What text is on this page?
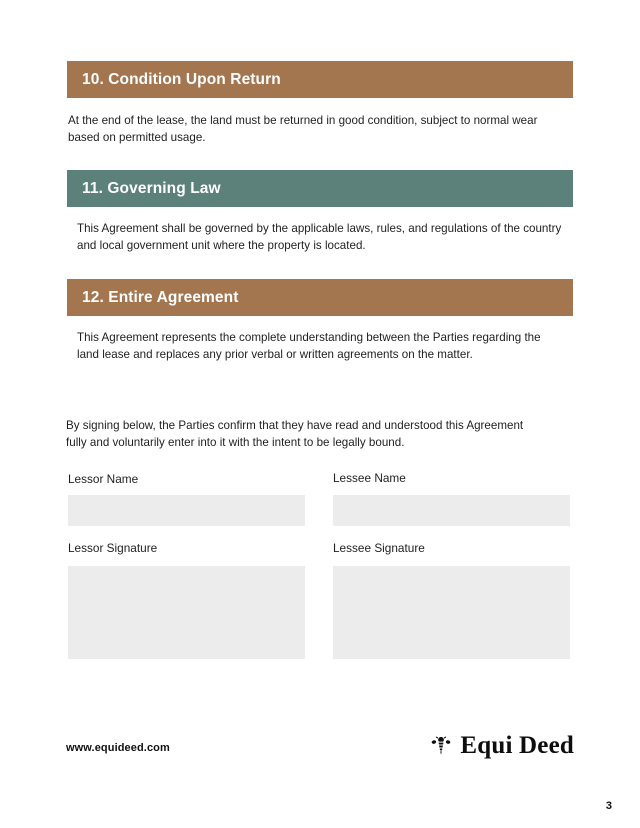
10. Condition Upon Return
At the end of the lease, the land must be returned in good condition, subject to normal wear based on permitted usage.
11. Governing Law
This Agreement shall be governed by the applicable laws, rules, and regulations of the country and local government unit where the property is located.
12. Entire Agreement
This Agreement represents the complete understanding between the Parties regarding the land lease and replaces any prior verbal or written agreements on the matter.
By signing below, the Parties confirm that they have read and understood this Agreement fully and voluntarily enter into it with the intent to be legally bound.
Lessor Name	Lessee Name
Lessor Signature	Lessee Signature
www.equideed.com	Equi Deed
3
